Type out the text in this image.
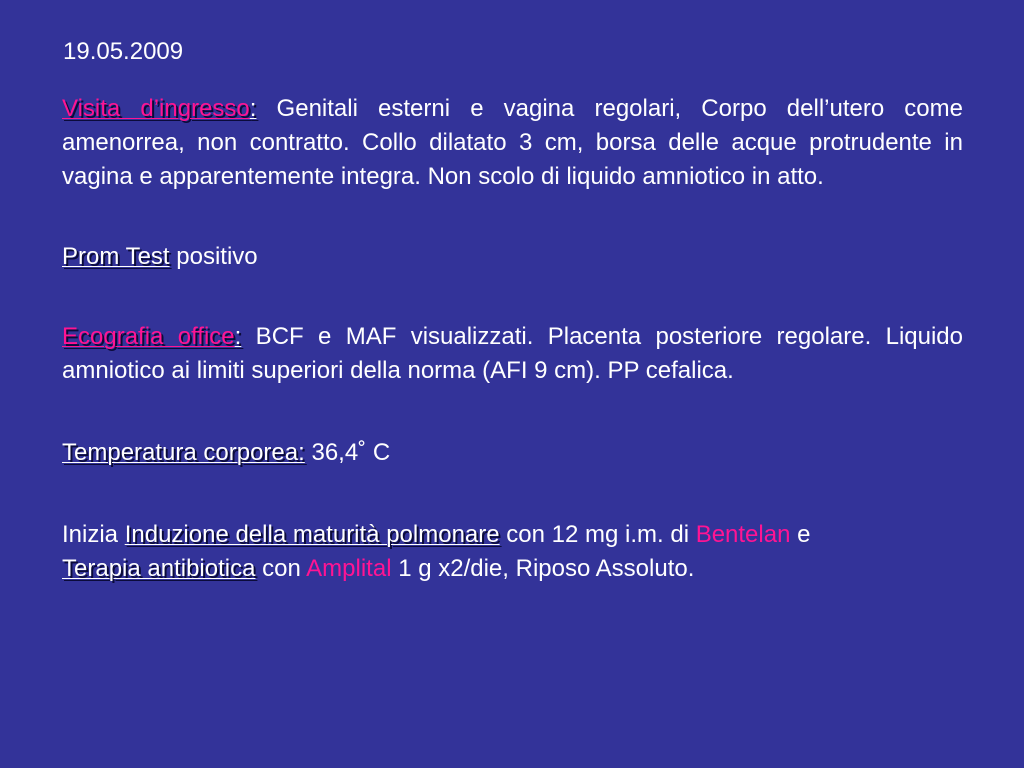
19.05.2009

Visita d’ingresso: Genitali esterni e vagina regolari, Corpo dell’utero come amenorrea, non contratto. Collo dilatato 3 cm, borsa delle acque protrudente in vagina e apparentemente integra. Non scolo di liquido amniotico in atto.

Prom Test positivo

Ecografia office: BCF e MAF visualizzati. Placenta posteriore regolare. Liquido amniotico ai limiti superiori della norma (AFI 9 cm). PP cefalica.

Temperatura corporea: 36,4˚ C

Inizia Induzione della maturità polmonare con 12 mg i.m. di Bentelan e
Terapia antibiotica con Amplital 1 g x2/die, Riposo Assoluto.
